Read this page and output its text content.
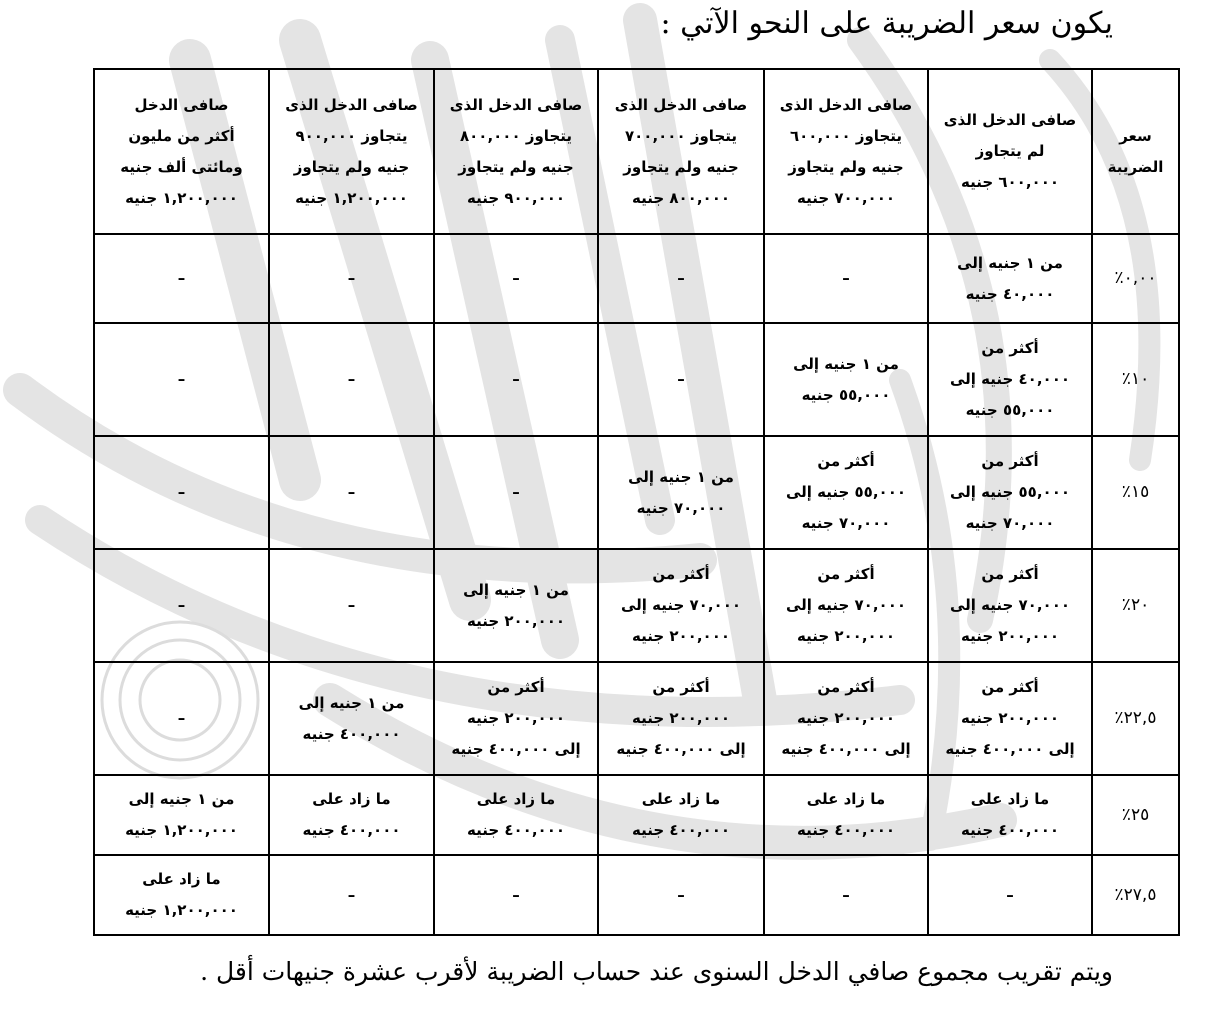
يكون سعر الضريبة على النحو الآتي :
سعر
الضريبة	صافى الدخل الذى
لم يتجاوز
٦٠٠,٠٠٠ جنيه	صافى الدخل الذى
يتجاوز ٦٠٠,٠٠٠
جنيه ولم يتجاوز
٧٠٠,٠٠٠ جنيه	صافى الدخل الذى
يتجاوز ٧٠٠,٠٠٠
جنيه ولم يتجاوز
٨٠٠,٠٠٠ جنيه	صافى الدخل الذى
يتجاوز ٨٠٠,٠٠٠
جنيه ولم يتجاوز
٩٠٠,٠٠٠ جنيه	صافى الدخل الذى
يتجاوز ٩٠٠,٠٠٠
جنيه ولم يتجاوز
١,٢٠٠,٠٠٠ جنيه	صافى الدخل
أكثر من مليون
ومائتى ألف جنيه
١,٢٠٠,٠٠٠ جنيه

٠,٠٠٪	من ١ جنيه إلى
٤٠,٠٠٠ جنيه	–	–	–	–	–
١٠٪	أكثر من
٤٠,٠٠٠ جنيه إلى
٥٥,٠٠٠ جنيه	من ١ جنيه إلى
٥٥,٠٠٠ جنيه	–	–	–	–
١٥٪	أكثر من
٥٥,٠٠٠ جنيه إلى
٧٠,٠٠٠ جنيه	أكثر من
٥٥,٠٠٠ جنيه إلى
٧٠,٠٠٠ جنيه	من ١ جنيه إلى
٧٠,٠٠٠ جنيه	–	–	–
٢٠٪	أكثر من
٧٠,٠٠٠ جنيه إلى
٢٠٠,٠٠٠ جنيه	أكثر من
٧٠,٠٠٠ جنيه إلى
٢٠٠,٠٠٠ جنيه	أكثر من
٧٠,٠٠٠ جنيه إلى
٢٠٠,٠٠٠ جنيه	من ١ جنيه إلى
٢٠٠,٠٠٠ جنيه	–	–
٢٢,٥٪	أكثر من
٢٠٠,٠٠٠ جنيه
إلى ٤٠٠,٠٠٠ جنيه	أكثر من
٢٠٠,٠٠٠ جنيه
إلى ٤٠٠,٠٠٠ جنيه	أكثر من
٢٠٠,٠٠٠ جنيه
إلى ٤٠٠,٠٠٠ جنيه	أكثر من
٢٠٠,٠٠٠ جنيه
إلى ٤٠٠,٠٠٠ جنيه	من ١ جنيه إلى
٤٠٠,٠٠٠ جنيه	–
٢٥٪	ما زاد على
٤٠٠,٠٠٠ جنيه	ما زاد على
٤٠٠,٠٠٠ جنيه	ما زاد على
٤٠٠,٠٠٠ جنيه	ما زاد على
٤٠٠,٠٠٠ جنيه	ما زاد على
٤٠٠,٠٠٠ جنيه	من ١ جنيه إلى
١,٢٠٠,٠٠٠ جنيه

٢٧,٥٪	–	–	–	–	–	ما زاد على
١,٢٠٠,٠٠٠ جنيه
ويتم تقريب مجموع صافي الدخل السنوى عند حساب الضريبة لأقرب عشرة جنيهات أقل .
